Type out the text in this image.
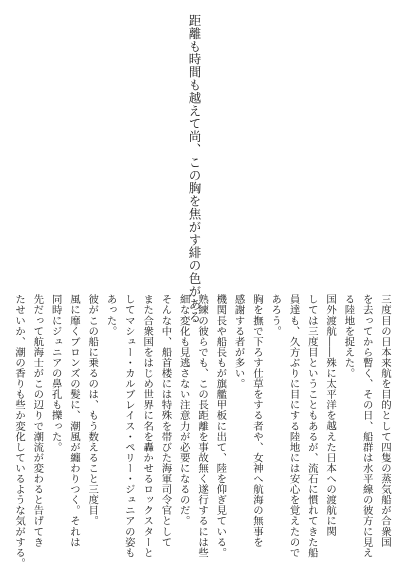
距離も時間も越えて尚、この胸を焦がす緋の色がある
三度目の日本来航を目的として四隻の蒸気船が合衆国
を去ってから暫く、その日、船群は水平線の彼方に見え
る陸地を捉えた。
国外渡航――殊に太平洋を越えた日本への渡航に関
しては三度目ということもあるが、流石に慣れてきた船
員達も、久方ぶりに目にする陸地には安心を覚えたので
あろう。
胸を撫で下ろす仕草をする者や、女神へ航海の無事を
感謝する者が多い。
機関長や船長もが旗艦甲板に出て、陸を仰ぎ見ている。
熟練の彼らでも、この長距離を事故無く遂行するには些
細な変化も見逃さない注意力が必要になるのだ。
そんな中、船首楼には特殊を帯びた海軍司令官として
また合衆国をはじめ世界に名を轟かせるロックスターと
してマシュー・カルブレイス・ペリー・ジュニアの姿も
あった。
彼がこの船に乗るのは、もう数えること三度目。
風に靡くブロンズの髪に、潮風が纏わりつく。それは
同時にジュニアの鼻孔も擽った。
先だって航海士がこの辺りで潮流が変わると告げてき
たせいか、潮の香りも些か変化しているような気がする。
